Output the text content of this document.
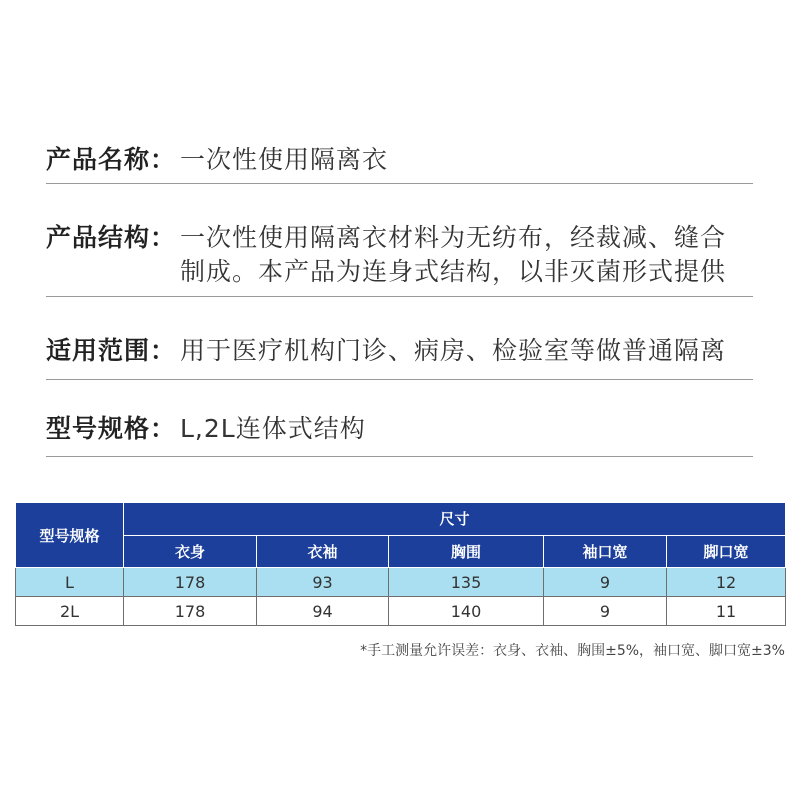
产品名称： 一次性使用隔离衣
产品结构： 一次性使用隔离衣材料为无纺布，经裁减、缝合
制成。本产品为连身式结构，以非灭菌形式提供
适用范围： 用于医疗机构门诊、病房、检验室等做普通隔离
型号规格： L,2L连体式结构
型号规格	尺寸				
	衣身	衣袖	胸围	袖口宽	脚口宽
L	178	93	135	9	12
2L	178	94	140	9	11
*手工测量允许误差：衣身、衣袖、胸围±5%，袖口宽、脚口宽±3%
